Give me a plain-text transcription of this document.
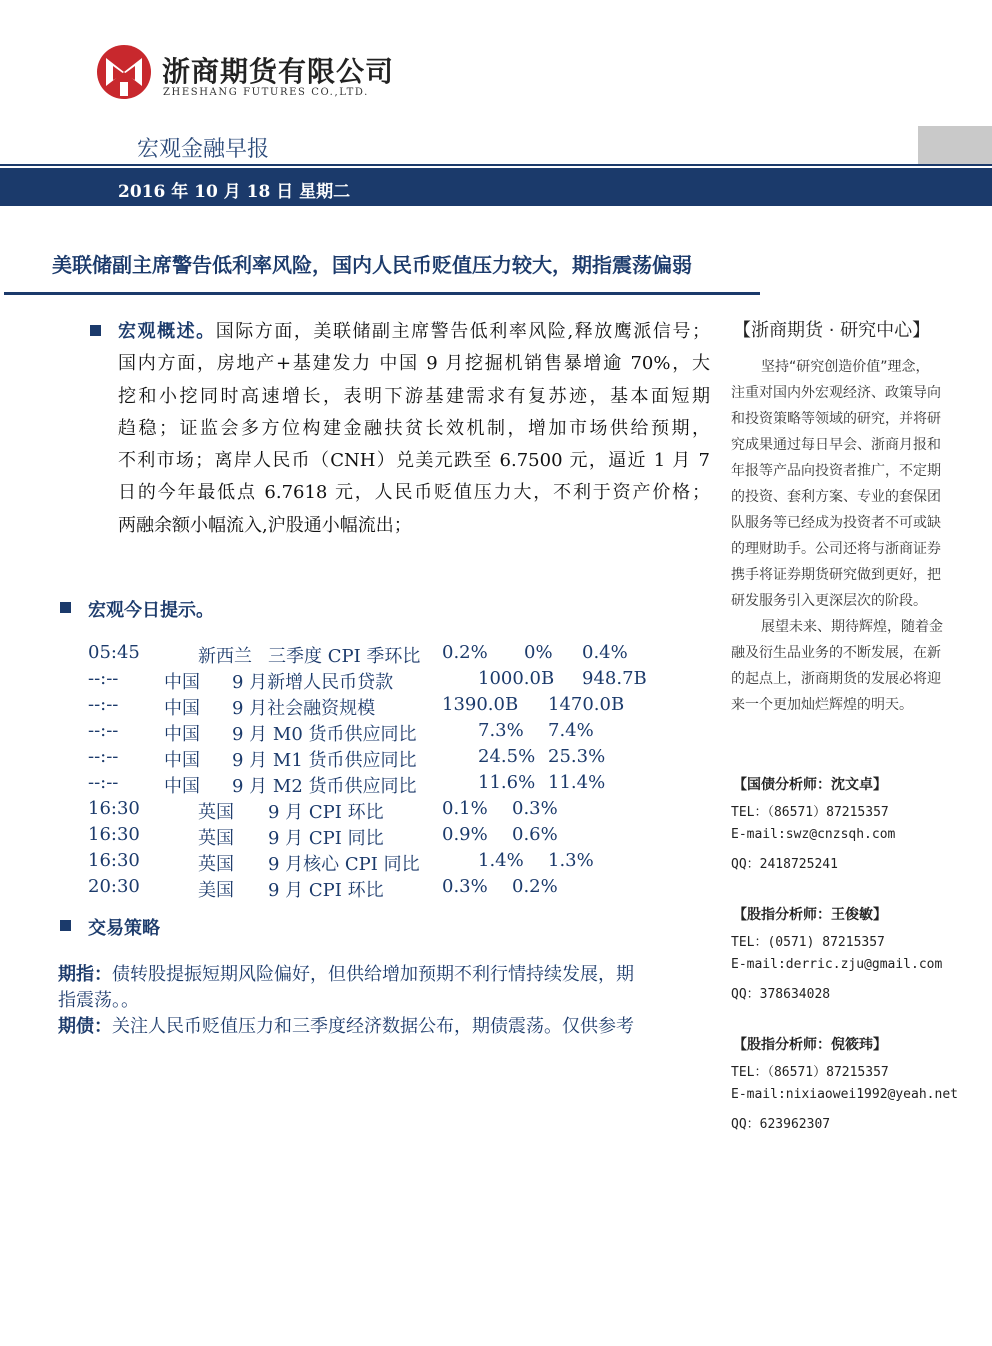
浙商期货有限公司
ZHESHANG FUTURES CO.,LTD.
宏观金融早报
2016 年 10 月 18 日 星期二
美联储副主席警告低利率风险，国内人民币贬值压力较大，期指震荡偏弱
宏观概述。国际方面，美联储副主席警告低利率风险,释放鹰派信号；
国内方面，房地产+基建发力 中国 9 月挖掘机销售暴增逾 70%，大
挖和小挖同时高速增长，表明下游基建需求有复苏迹，基本面短期
趋稳；证监会多方位构建金融扶贫长效机制，增加市场供给预期，
不利市场；离岸人民币（CNH）兑美元跌至 6.7500 元，逼近 1 月 7
日的今年最低点 6.7618 元，人民币贬值压力大，不利于资产价格；
两融余额小幅流入,沪股通小幅流出；
宏观今日提示。
05:45	新西兰 三季度 CPI 季环比 0.2% 0% 0.4%
--:--	中国 9 月新增人民币贷款	1000.0B 948.7B
--:--	中国 9 月社会融资规模	1390.0B 1470.0B
--:--	中国 9 月 M0 货币供应同比	7.3% 7.4%
--:--	中国 9 月 M1 货币供应同比	24.5% 25.3%
--:--	中国 9 月 M2 货币供应同比	11.6% 11.4%
16:30	英国 9 月 CPI 环比	0.1% 0.3%
16:30	英国 9 月 CPI 同比	0.9% 0.6%
16:30	英国 9 月核心 CPI 同比	1.4% 1.3%
20:30	美国 9 月 CPI 环比	0.3% 0.2%
交易策略
期指：债转股提振短期风险偏好，但供给增加预期不利行情持续发展，期
指震荡。。
期债：关注人民币贬值压力和三季度经济数据公布，期债震荡。仅供参考
【浙商期货 · 研究中心】
坚持“研究创造价值”理念，
注重对国内外宏观经济、政策导向
和投资策略等领域的研究，并将研
究成果通过每日早会、浙商月报和
年报等产品向投资者推广，不定期
的投资、套利方案、专业的套保团
队服务等已经成为投资者不可或缺
的理财助手。公司还将与浙商证券
携手将证券期货研究做到更好，把
研发服务引入更深层次的阶段。
展望未来、期待辉煌，随着金
融及衍生品业务的不断发展，在新
的起点上，浙商期货的发展必将迎
来一个更加灿烂辉煌的明天。
【国债分析师：沈文卓】
TEL：（86571）87215357
E-mail:swz@cnzsqh.com
QQ：2418725241
【股指分析师：王俊敏】
TEL：(0571) 87215357
E-mail:derric.zju@gmail.com
QQ：378634028
【股指分析师：倪筱玮】
TEL：（86571）87215357
E-mail:nixiaowei1992@yeah.net
QQ：623962307
